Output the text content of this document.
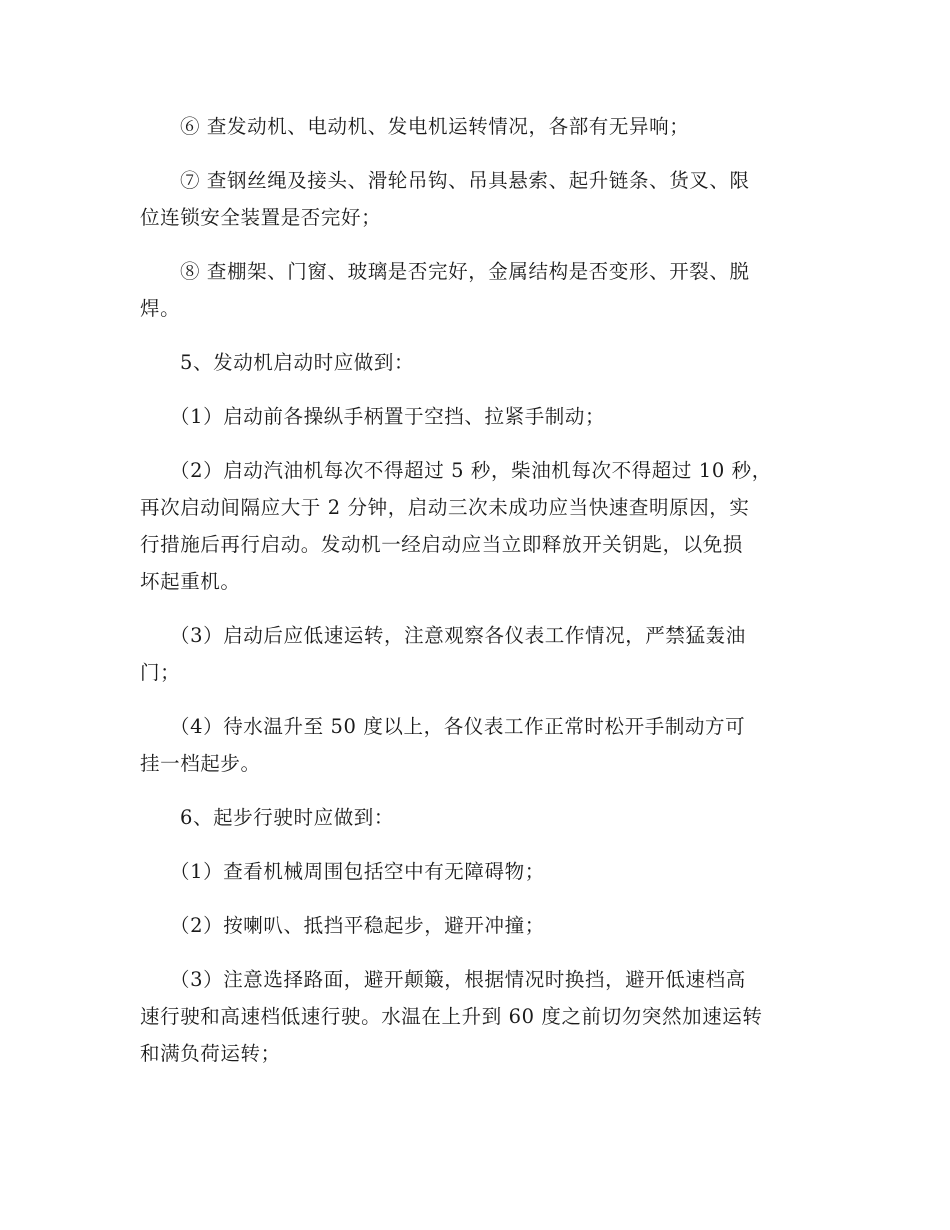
⑥ 查发动机、电动机、发电机运转情况，各部有无异响；

⑦ 查钢丝绳及接头、滑轮吊钩、吊具悬索、起升链条、货叉、限
位连锁安全装置是否完好；

⑧ 查棚架、门窗、玻璃是否完好，金属结构是否变形、开裂、脱
焊。

5、发动机启动时应做到：

（1）启动前各操纵手柄置于空挡、拉紧手制动；

（2）启动汽油机每次不得超过 5 秒，柴油机每次不得超过 10 秒，
再次启动间隔应大于 2 分钟，启动三次未成功应当快速查明原因，实
行措施后再行启动。发动机一经启动应当立即释放开关钥匙，以免损
坏起重机。

（3）启动后应低速运转，注意观察各仪表工作情况，严禁猛轰油
门；

（4）待水温升至 50 度以上，各仪表工作正常时松开手制动方可
挂一档起步。

6、起步行驶时应做到：

（1）查看机械周围包括空中有无障碍物；

（2）按喇叭、抵挡平稳起步，避开冲撞；

（3）注意选择路面，避开颠簸，根据情况时换挡，避开低速档高
速行驶和高速档低速行驶。水温在上升到 60 度之前切勿突然加速运转
和满负荷运转；
